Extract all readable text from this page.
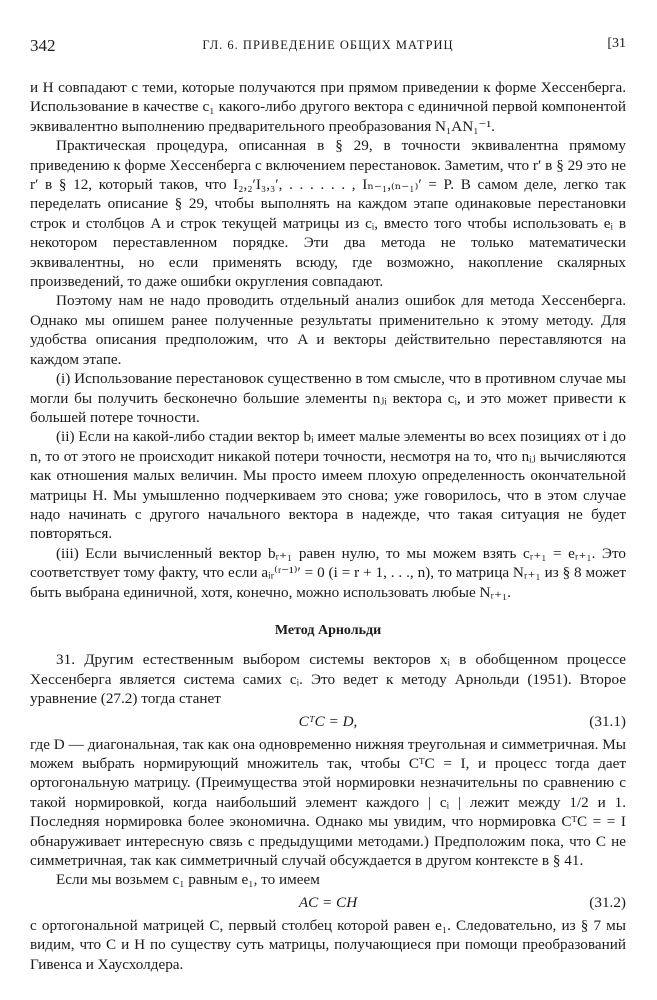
342	ГЛ. 6. ПРИВЕДЕНИЕ ОБЩИХ МАТРИЦ	[31

и H совпадают с теми, которые получаются при прямом приведении к форме Хессенберга. Использование в качестве c₁ какого-либо другого вектора с единичной первой компонентой эквивалентно выполнению предварительного преобразования N₁AN₁⁻¹.

Практическая процедура, описанная в § 29, в точности эквивалентна прямому приведению к форме Хессенберга с включением перестановок. Заметим, что r′ в § 29 это не r′ в § 12, который таков, что I₂,₂′I₃,₃′, . . . . . . , Iₙ₋₁,₍ₙ₋₁₎′ = P. В самом деле, легко так переделать описание § 29, чтобы выполнять на каждом этапе одинаковые перестановки строк и столбцов A и строк текущей матрицы из cᵢ, вместо того чтобы использовать eᵢ в некотором переставленном порядке. Эти два метода не только математически эквивалентны, но если применять всюду, где возможно, накопление скалярных произведений, то даже ошибки округления совпадают.

Поэтому нам не надо проводить отдельный анализ ошибок для метода Хессенберга. Однако мы опишем ранее полученные результаты применительно к этому методу. Для удобства описания предположим, что A и векторы действительно переставляются на каждом этапе.

(i) Использование перестановок существенно в том смысле, что в противном случае мы могли бы получить бесконечно большие элементы nⱼᵢ вектора cᵢ, и это может привести к большей потере точности.

(ii) Если на какой-либо стадии вектор bᵢ имеет малые элементы во всех позициях от i до n, то от этого не происходит никакой потери точности, несмотря на то, что nᵢⱼ вычисляются как отношения малых величин. Мы просто имеем плохую определенность окончательной матрицы H. Мы умышленно подчеркиваем это снова; уже говорилось, что в этом случае надо начинать с другого начального вектора в надежде, что такая ситуация не будет повторяться.

(iii) Если вычисленный вектор bᵣ₊₁ равен нулю, то мы можем взять cᵣ₊₁ = eᵣ₊₁. Это соответствует тому факту, что если aᵢᵣ⁽ʳ⁻¹⁾′ = 0 (i = r + 1, . . ., n), то матрица Nᵣ₊₁ из § 8 может быть выбрана единичной, хотя, конечно, можно использовать любые Nᵣ₊₁.

Метод Арнольди

31. Другим естественным выбором системы векторов xᵢ в обобщенном процессе Хессенберга является система самих cᵢ. Это ведет к методу Арнольди (1951). Второе уравнение (27.2) тогда станет

CᵀC = D,	(31.1)

где D — диагональная, так как она одновременно нижняя треугольная и симметричная. Мы можем выбрать нормирующий множитель так, чтобы CᵀC = I, и процесс тогда дает ортогональную матрицу. (Преимущества этой нормировки незначительны по сравнению с такой нормировкой, когда наибольший элемент каждого | cᵢ | лежит между 1/2 и 1. Последняя нормировка более экономична. Однако мы увидим, что нормировка CᵀC = = I обнаруживает интересную связь с предыдущими методами.) Предположим пока, что C не симметричная, так как симметричный случай обсуждается в другом контексте в § 41.

Если мы возьмем c₁ равным e₁, то имеем

AC = CH	(31.2)

с ортогональной матрицей C, первый столбец которой равен e₁. Следовательно, из § 7 мы видим, что C и H по существу суть матрицы, получающиеся при помощи преобразований Гивенса и Хаусхолдера.
